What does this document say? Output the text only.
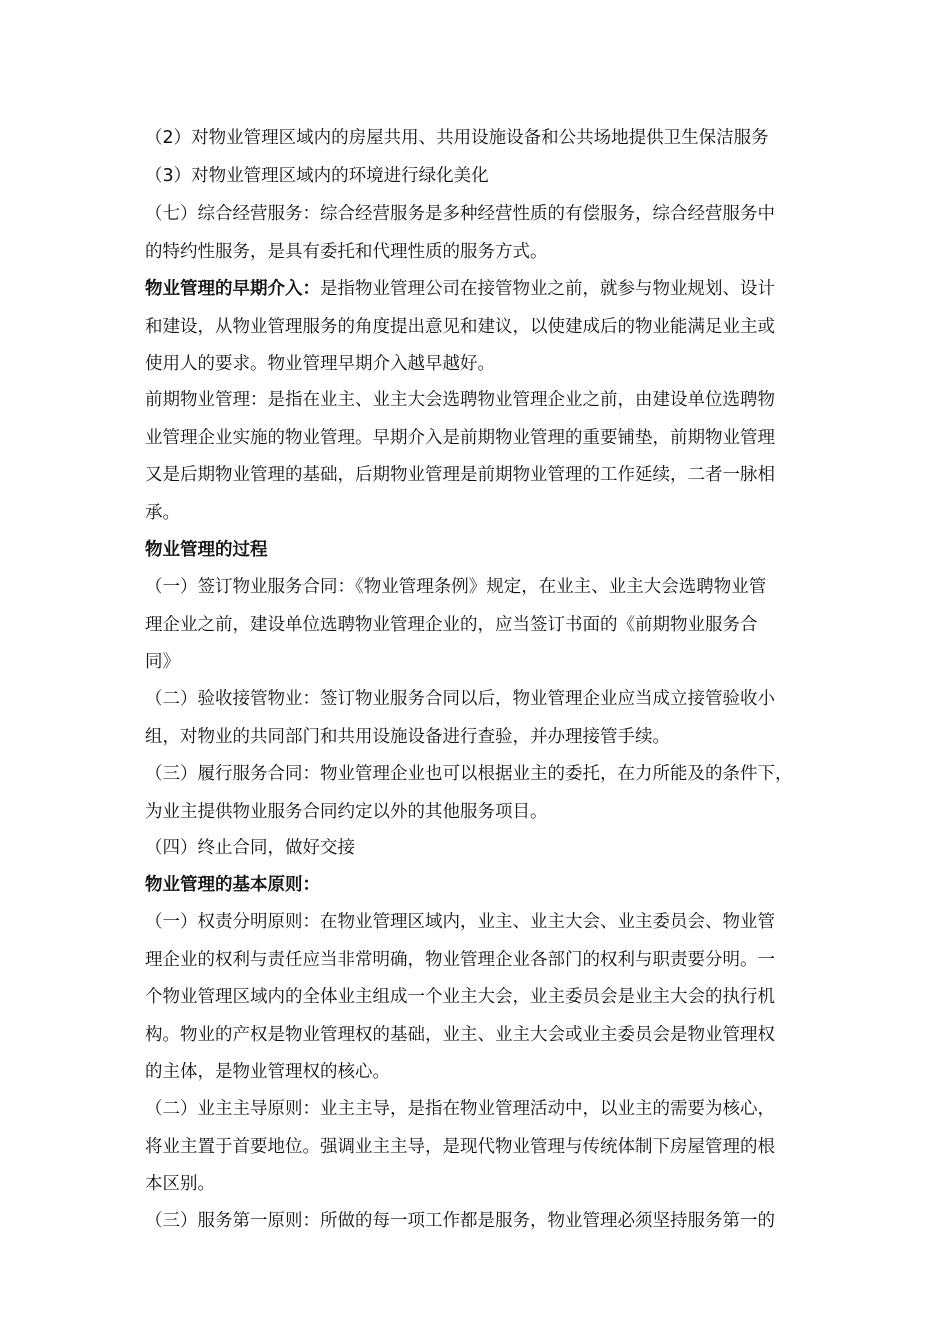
（2）对物业管理区域内的房屋共用、共用设施设备和公共场地提供卫生保洁服务
（3）对物业管理区域内的环境进行绿化美化
（七）综合经营服务：综合经营服务是多种经营性质的有偿服务，综合经营服务中
的特约性服务，是具有委托和代理性质的服务方式。
物业管理的早期介入：是指物业管理公司在接管物业之前，就参与物业规划、设计
和建设，从物业管理服务的角度提出意见和建议，以使建成后的物业能满足业主或
使用人的要求。物业管理早期介入越早越好。
前期物业管理：是指在业主、业主大会选聘物业管理企业之前，由建设单位选聘物
业管理企业实施的物业管理。早期介入是前期物业管理的重要铺垫，前期物业管理
又是后期物业管理的基础，后期物业管理是前期物业管理的工作延续，二者一脉相
承。
物业管理的过程
（一）签订物业服务合同：《物业管理条例》规定，在业主、业主大会选聘物业管
理企业之前，建设单位选聘物业管理企业的，应当签订书面的《前期物业服务合
同》
（二）验收接管物业：签订物业服务合同以后，物业管理企业应当成立接管验收小
组，对物业的共同部门和共用设施设备进行查验，并办理接管手续。
（三）履行服务合同：物业管理企业也可以根据业主的委托，在力所能及的条件下，
为业主提供物业服务合同约定以外的其他服务项目。
（四）终止合同，做好交接
物业管理的基本原则：
（一）权责分明原则：在物业管理区域内，业主、业主大会、业主委员会、物业管
理企业的权利与责任应当非常明确，物业管理企业各部门的权利与职责要分明。一
个物业管理区域内的全体业主组成一个业主大会，业主委员会是业主大会的执行机
构。物业的产权是物业管理权的基础，业主、业主大会或业主委员会是物业管理权
的主体，是物业管理权的核心。
（二）业主主导原则：业主主导，是指在物业管理活动中，以业主的需要为核心，
将业主置于首要地位。强调业主主导，是现代物业管理与传统体制下房屋管理的根
本区别。
（三）服务第一原则：所做的每一项工作都是服务，物业管理必须坚持服务第一的
